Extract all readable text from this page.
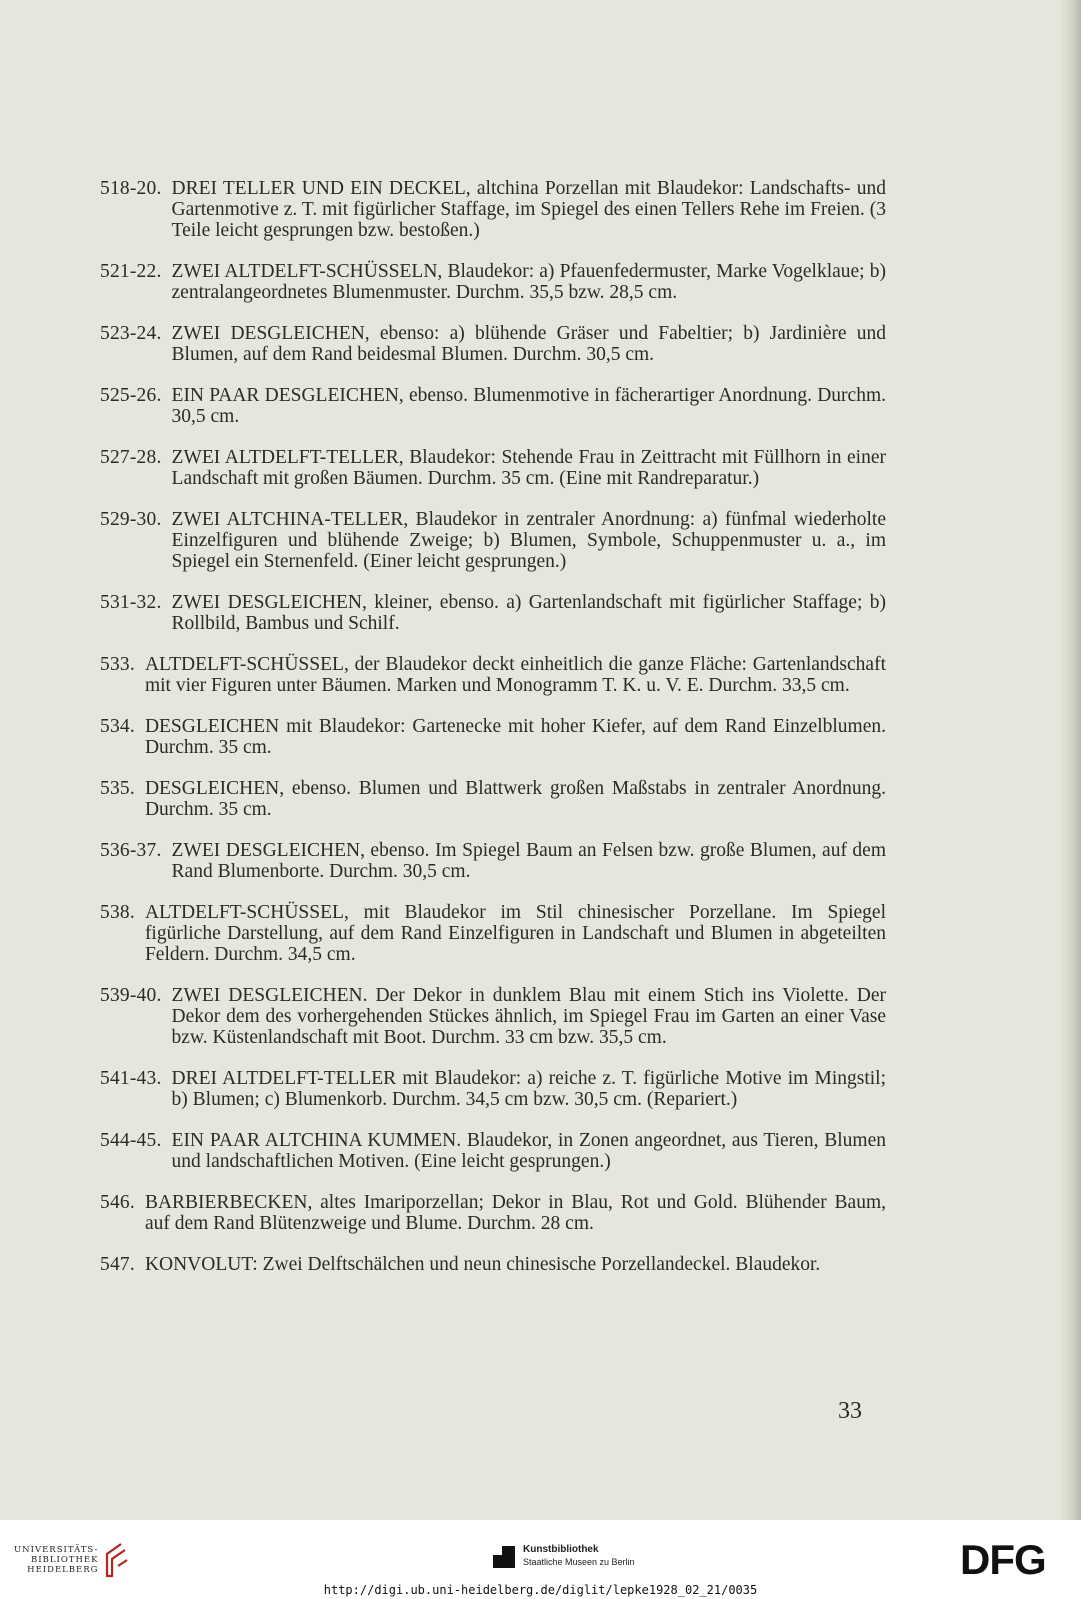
518-20. DREI TELLER UND EIN DECKEL, altchina Porzellan mit Blaudekor: Landschafts- und Gartenmotive z. T. mit figürlicher Staffage, im Spiegel des einen Tellers Rehe im Freien. (3 Teile leicht gesprungen bzw. bestoßen.)
521-22. ZWEI ALTDELFT-SCHÜSSELN, Blaudekor: a) Pfauenfedermuster, Marke Vogelklaue; b) zentralangeordnetes Blumenmuster. Durchm. 35,5 bzw. 28,5 cm.
523-24. ZWEI DESGLEICHEN, ebenso: a) blühende Gräser und Fabeltier; b) Jardinière und Blumen, auf dem Rand beidesmal Blumen. Durchm. 30,5 cm.
525-26. EIN PAAR DESGLEICHEN, ebenso. Blumenmotive in fächerartiger Anordnung. Durchm. 30,5 cm.
527-28. ZWEI ALTDELFT-TELLER, Blaudekor: Stehende Frau in Zeittracht mit Füllhorn in einer Landschaft mit großen Bäumen. Durchm. 35 cm. (Eine mit Randreparatur.)
529-30. ZWEI ALTCHINA-TELLER, Blaudekor in zentraler Anordnung: a) fünfmal wiederholte Einzelfiguren und blühende Zweige; b) Blumen, Symbole, Schuppenmuster u. a., im Spiegel ein Sternenfeld. (Einer leicht gesprungen.)
531-32. ZWEI DESGLEICHEN, kleiner, ebenso. a) Gartenlandschaft mit figürlicher Staffage; b) Rollbild, Bambus und Schilf.
533. ALTDELFT-SCHÜSSEL, der Blaudekor deckt einheitlich die ganze Fläche: Gartenlandschaft mit vier Figuren unter Bäumen. Marken und Monogramm T. K. u. V. E. Durchm. 33,5 cm.
534. DESGLEICHEN mit Blaudekor: Gartenecke mit hoher Kiefer, auf dem Rand Einzelblumen. Durchm. 35 cm.
535. DESGLEICHEN, ebenso. Blumen und Blattwerk großen Maßstabs in zentraler Anordnung. Durchm. 35 cm.
536-37. ZWEI DESGLEICHEN, ebenso. Im Spiegel Baum an Felsen bzw. große Blumen, auf dem Rand Blumenborte. Durchm. 30,5 cm.
538. ALTDELFT-SCHÜSSEL, mit Blaudekor im Stil chinesischer Porzellane. Im Spiegel figürliche Darstellung, auf dem Rand Einzelfiguren in Landschaft und Blumen in abgeteilten Feldern. Durchm. 34,5 cm.
539-40. ZWEI DESGLEICHEN. Der Dekor in dunklem Blau mit einem Stich ins Violette. Der Dekor dem des vorhergehenden Stückes ähnlich, im Spiegel Frau im Garten an einer Vase bzw. Küstenlandschaft mit Boot. Durchm. 33 cm bzw. 35,5 cm.
541-43. DREI ALTDELFT-TELLER mit Blaudekor: a) reiche z. T. figürliche Motive im Mingstil; b) Blumen; c) Blumenkorb. Durchm. 34,5 cm bzw. 30,5 cm. (Repariert.)
544-45. EIN PAAR ALTCHINA KUMMEN. Blaudekor, in Zonen angeordnet, aus Tieren, Blumen und landschaftlichen Motiven. (Eine leicht gesprungen.)
546. BARBIERBECKEN, altes Imariporzellan; Dekor in Blau, Rot und Gold. Blühender Baum, auf dem Rand Blütenzweige und Blume. Durchm. 28 cm.
547. KONVOLUT: Zwei Delftschälchen und neun chinesische Porzellandeckel. Blaudekor.
33
UNIVERSITÄTS-
BIBLIOTHEK
HEIDELBERG
Kunstbibliothek
Staatliche Museen zu Berlin	DFG
http://digi.ub.uni-heidelberg.de/diglit/lepke1928_02_21/0035
